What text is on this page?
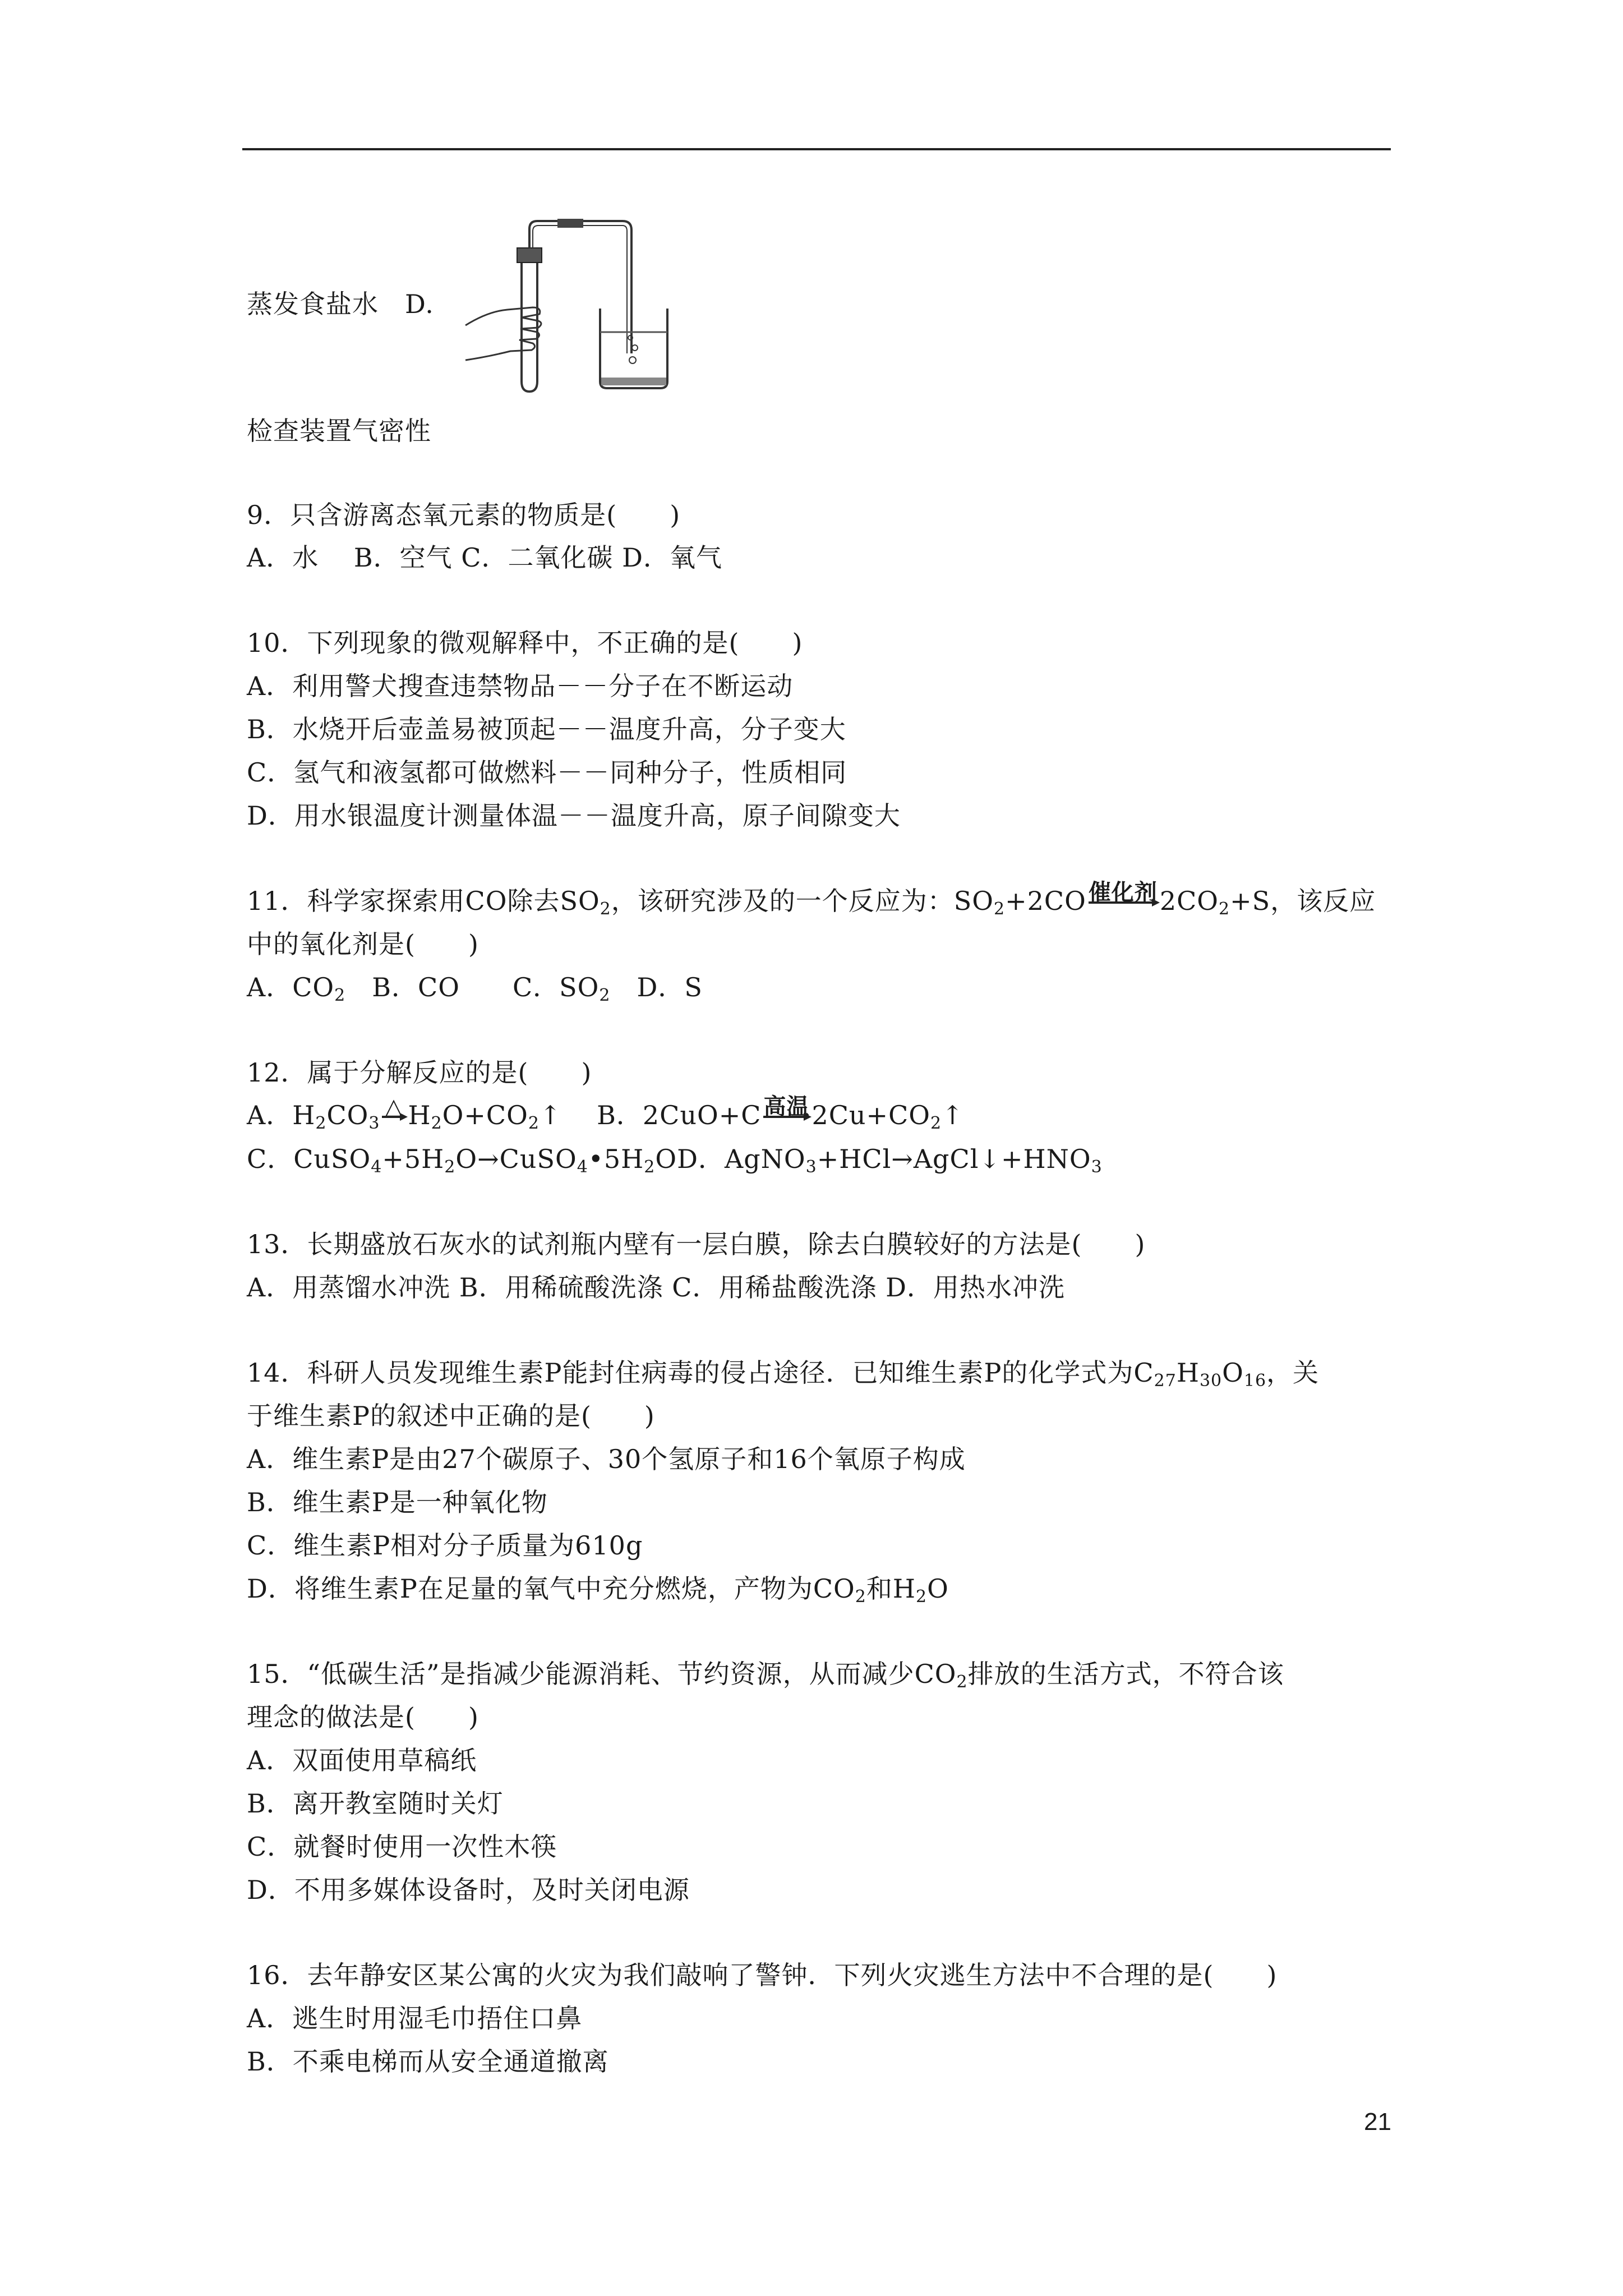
蒸发食盐水　 D.
检查装置气密性
9．只含游离态氧元素的物质是(　　)
A．水　 B．空气 C．二氧化碳 D．氧气
10．下列现象的微观解释中，不正确的是(　　)
A．利用警犬搜查违禁物品－－分子在不断运动
B．水烧开后壶盖易被顶起－－温度升高，分子变大
C．氢气和液氢都可做燃料－－同种分子，性质相同
D．用水银温度计测量体温－－温度升高，原子间隙变大
11．科学家探索用CO除去$SO_2$，该研究涉及的一个反应为：$SO_2+2CO$ 催化剂 $2CO_2+S$，该反应
中的氧化剂是(　　)
A．$CO_2$　 B．CO　　 C．$SO_2$　 D．S
12．属于分解反应的是(　　)
A．$H_2CO_3$
△ $H_2O+CO_2↑$　 B．2CuO+C 高温 $2Cu+CO_2↑$
C．$CuSO_4+5H_2O\to CuSO_4•5H_2OD$．$AgNO_3+HCl\to AgCl↓+HNO_3$
13．长期盛放石灰水的试剂瓶内壁有一层白膜，除去白膜较好的方法是(　　)
A．用蒸馏水冲洗 B．用稀硫酸洗涤 C．用稀盐酸洗涤 D．用热水冲洗
14．科研人员发现维生素P能封住病毒的侵占途径．已知维生素P的化学式为$C_{27}H_{30}O_{16}$，关
于维生素P的叙述中正确的是(　　)
A．维生素P是由27个碳原子、30个氢原子和16个氧原子构成
B．维生素P是一种氧化物
C．维生素P相对分子质量为610g
D．将维生素P在足量的氧气中充分燃烧，产物为$CO_2$和$H_2O$
15．“低碳生活”是指减少能源消耗、节约资源，从而减少$CO_2$排放的生活方式，不符合该
理念的做法是(　　)
A．双面使用草稿纸
B．离开教室随时关灯
C．就餐时使用一次性木筷
D．不用多媒体设备时，及时关闭电源
16．去年静安区某公寓的火灾为我们敲响了警钟．下列火灾逃生方法中不合理的是(　　)
A．逃生时用湿毛巾捂住口鼻
B．不乘电梯而从安全通道撤离
21
